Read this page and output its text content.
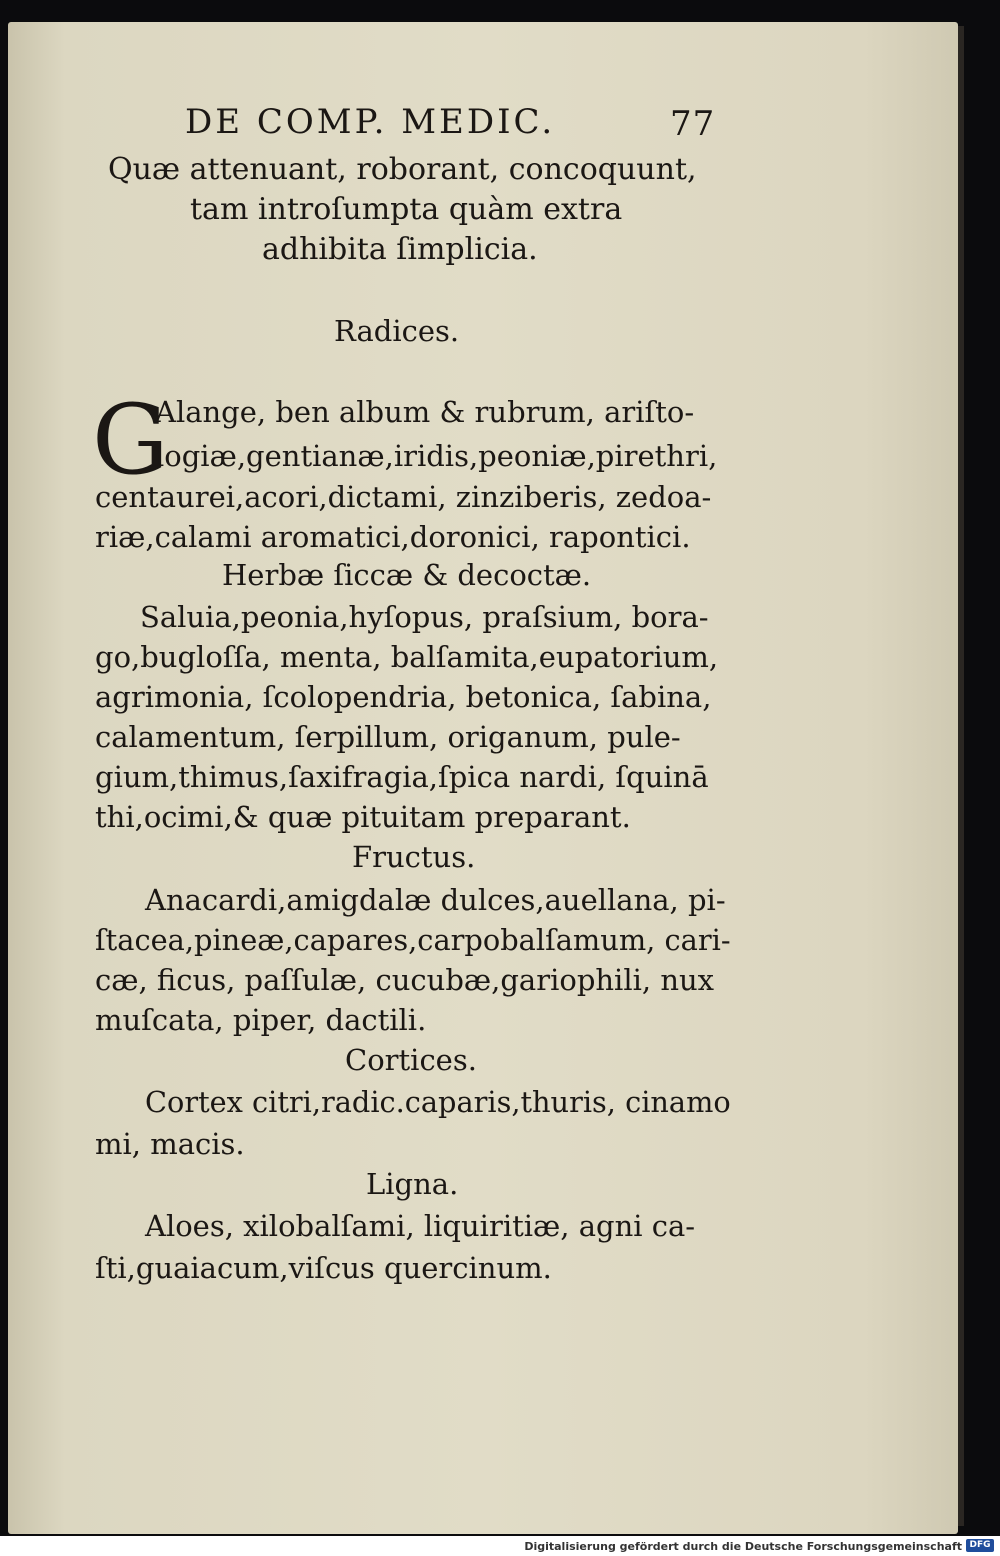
DE COMP. MEDIC.	77
Quæ attenuant, roborant, concoquunt,
tam introſumpta quàm extra
adhibita ſimplicia.
Radices.
G
Alange, ben album & rubrum, ariſto-
logiæ,gentianæ,iridis,peoniæ,pirethri,
centaurei,acori,dictami, zinziberis, zedoa-
riæ,calami aromatici,doronici, rapontici.
Herbæ ſiccæ & decoctæ.
Saluia,peonia,hyſopus, praſsium, bora-
go,bugloſſa, menta, balſamita,eupatorium,
agrimonia, ſcolopendria, betonica, ſabina,
calamentum, ſerpillum, origanum, pule-
gium,thimus,ſaxifragia,ſpica nardi, ſquinā
thi,ocimi,& quæ pituitam preparant.
Fructus.
Anacardi,amigdalæ dulces,auellana, pi-
ſtacea,pineæ,capares,carpobalſamum, cari-
cæ, ficus, paſſulæ, cucubæ,gariophili, nux
muſcata, piper, dactili.
Cortices.
Cortex citri,radic.caparis,thuris, cinamo
mi, macis.
Ligna.
Aloes, xilobalſami, liquiritiæ, agni ca-
ſti,guaiacum,viſcus quercinum.
Digitalisierung gefördert durch die Deutsche Forschungsgemeinschaft DFG
